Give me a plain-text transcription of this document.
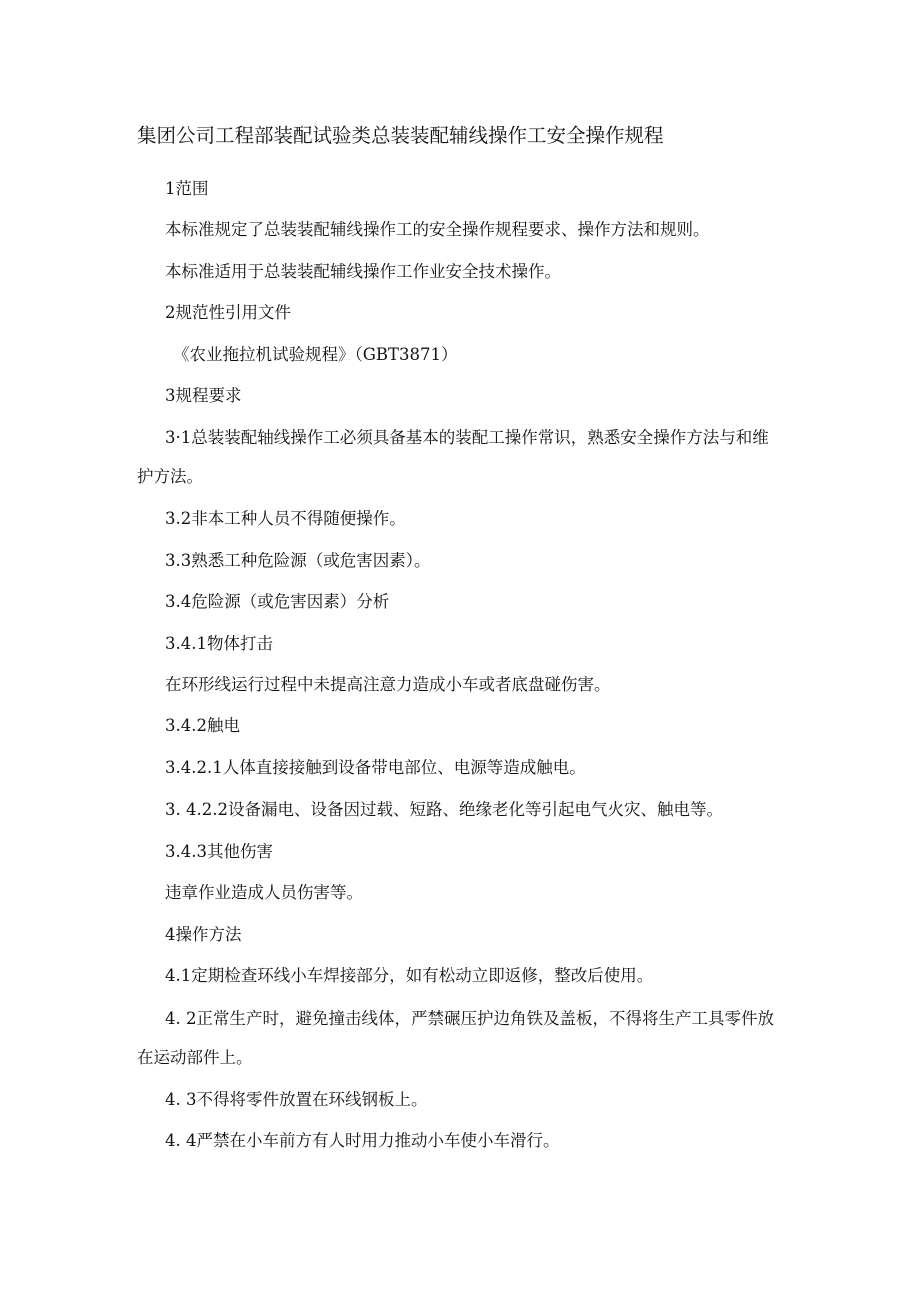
集团公司工程部装配试验类总装装配辅线操作工安全操作规程

1范围

本标准规定了总装装配辅线操作工的安全操作规程要求、操作方法和规则。

本标准适用于总装装配辅线操作工作业安全技术操作。

2规范性引用文件

《农业拖拉机试验规程》（GBT3871）

3规程要求

3·1总装装配轴线操作工必须具备基本的装配工操作常识，熟悉安全操作方法与和维护方法。

3.2非本工种人员不得随便操作。

3.3熟悉工种危险源（或危害因素）。

3.4危险源（或危害因素）分析

3.4.1物体打击

在环形线运行过程中未提高注意力造成小车或者底盘碰伤害。

3.4.2触电

3.4.2.1人体直接接触到设备带电部位、电源等造成触电。

3. 4.2.2设备漏电、设备因过载、短路、绝缘老化等引起电气火灾、触电等。

3.4.3其他伤害

违章作业造成人员伤害等。

4操作方法

4.1定期检查环线小车焊接部分，如有松动立即返修，整改后使用。

4. 2正常生产时，避免撞击线体，严禁碾压护边角铁及盖板，不得将生产工具零件放在运动部件上。

4. 3不得将零件放置在环线钢板上。

4. 4严禁在小车前方有人时用力推动小车使小车滑行。
